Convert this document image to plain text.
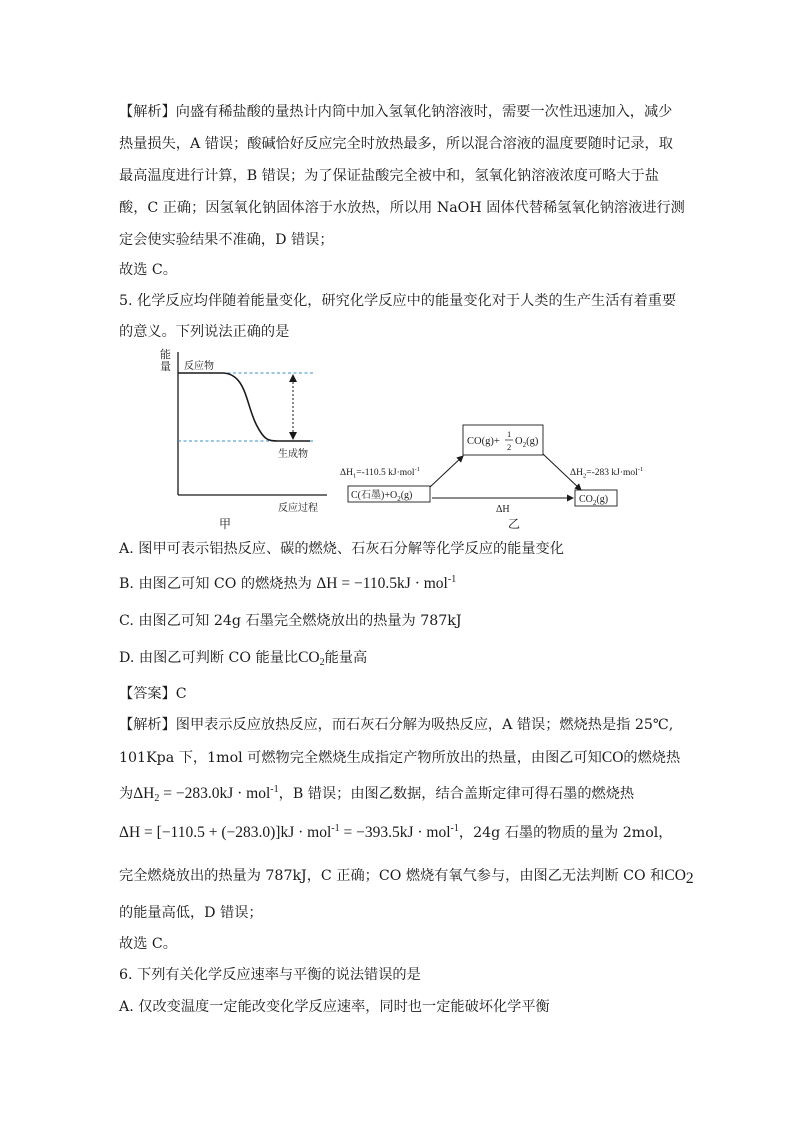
【解析】向盛有稀盐酸的量热计内筒中加入氢氧化钠溶液时，需要一次性迅速加入，减少
热量损失，A 错误；酸碱恰好反应完全时放热最多，所以混合溶液的温度要随时记录，取
最高温度进行计算，B 错误；为了保证盐酸完全被中和，氢氧化钠溶液浓度可略大于盐
酸，C 正确；因氢氧化钠固体溶于水放热，所以用 NaOH 固体代替稀氢氧化钠溶液进行测
定会使实验结果不准确，D 错误；
故选 C。
5. 化学反应均伴随着能量变化，研究化学反应中的能量变化对于人类的生产生活有着重要
的意义。下列说法正确的是
能
量 反应物
生成物
反应过程
甲
CO(g)+
1
2 $O_2(g)$
C(石墨)$+O_2(g)$	$CO_2(g)$
$\Delta H_1=-110.5$ kJ·mol$^{-1}$	$\Delta H_2=-283$ kJ·mol$^{-1}$
ΔH
乙
A. 图甲可表示铝热反应、碳的燃烧、石灰石分解等化学反应的能量变化
B. 由图乙可知 CO 的燃烧热为 ΔH = −110.5kJ · mol$^{-1}$
C. 由图乙可知 24g 石墨完全燃烧放出的热量为 787kJ
D. 由图乙可判断 CO 能量比$CO_2$能量高
【答案】C
【解析】图甲表示反应放热反应，而石灰石分解为吸热反应，A 错误；燃烧热是指 25℃,
101Kpa 下，1mol 可燃物完全燃烧生成指定产物所放出的热量，由图乙可知CO的燃烧热
为$\Delta H_2 = -283.0kJ \cdot mol^{-1}$，B 错误；由图乙数据，结合盖斯定律可得石墨的燃烧热
ΔH = [−110.5 + (−283.0)]kJ · mol$^{-1}$ = −393.5kJ · mol$^{-1}$，24g 石墨的物质的量为 2mol，
完全燃烧放出的热量为 787kJ，C 正确；CO 燃烧有氧气参与，由图乙无法判断 CO 和$CO_2$
的能量高低，D 错误；
故选 C。
6. 下列有关化学反应速率与平衡的说法错误的是
A. 仅改变温度一定能改变化学反应速率，同时也一定能破坏化学平衡
